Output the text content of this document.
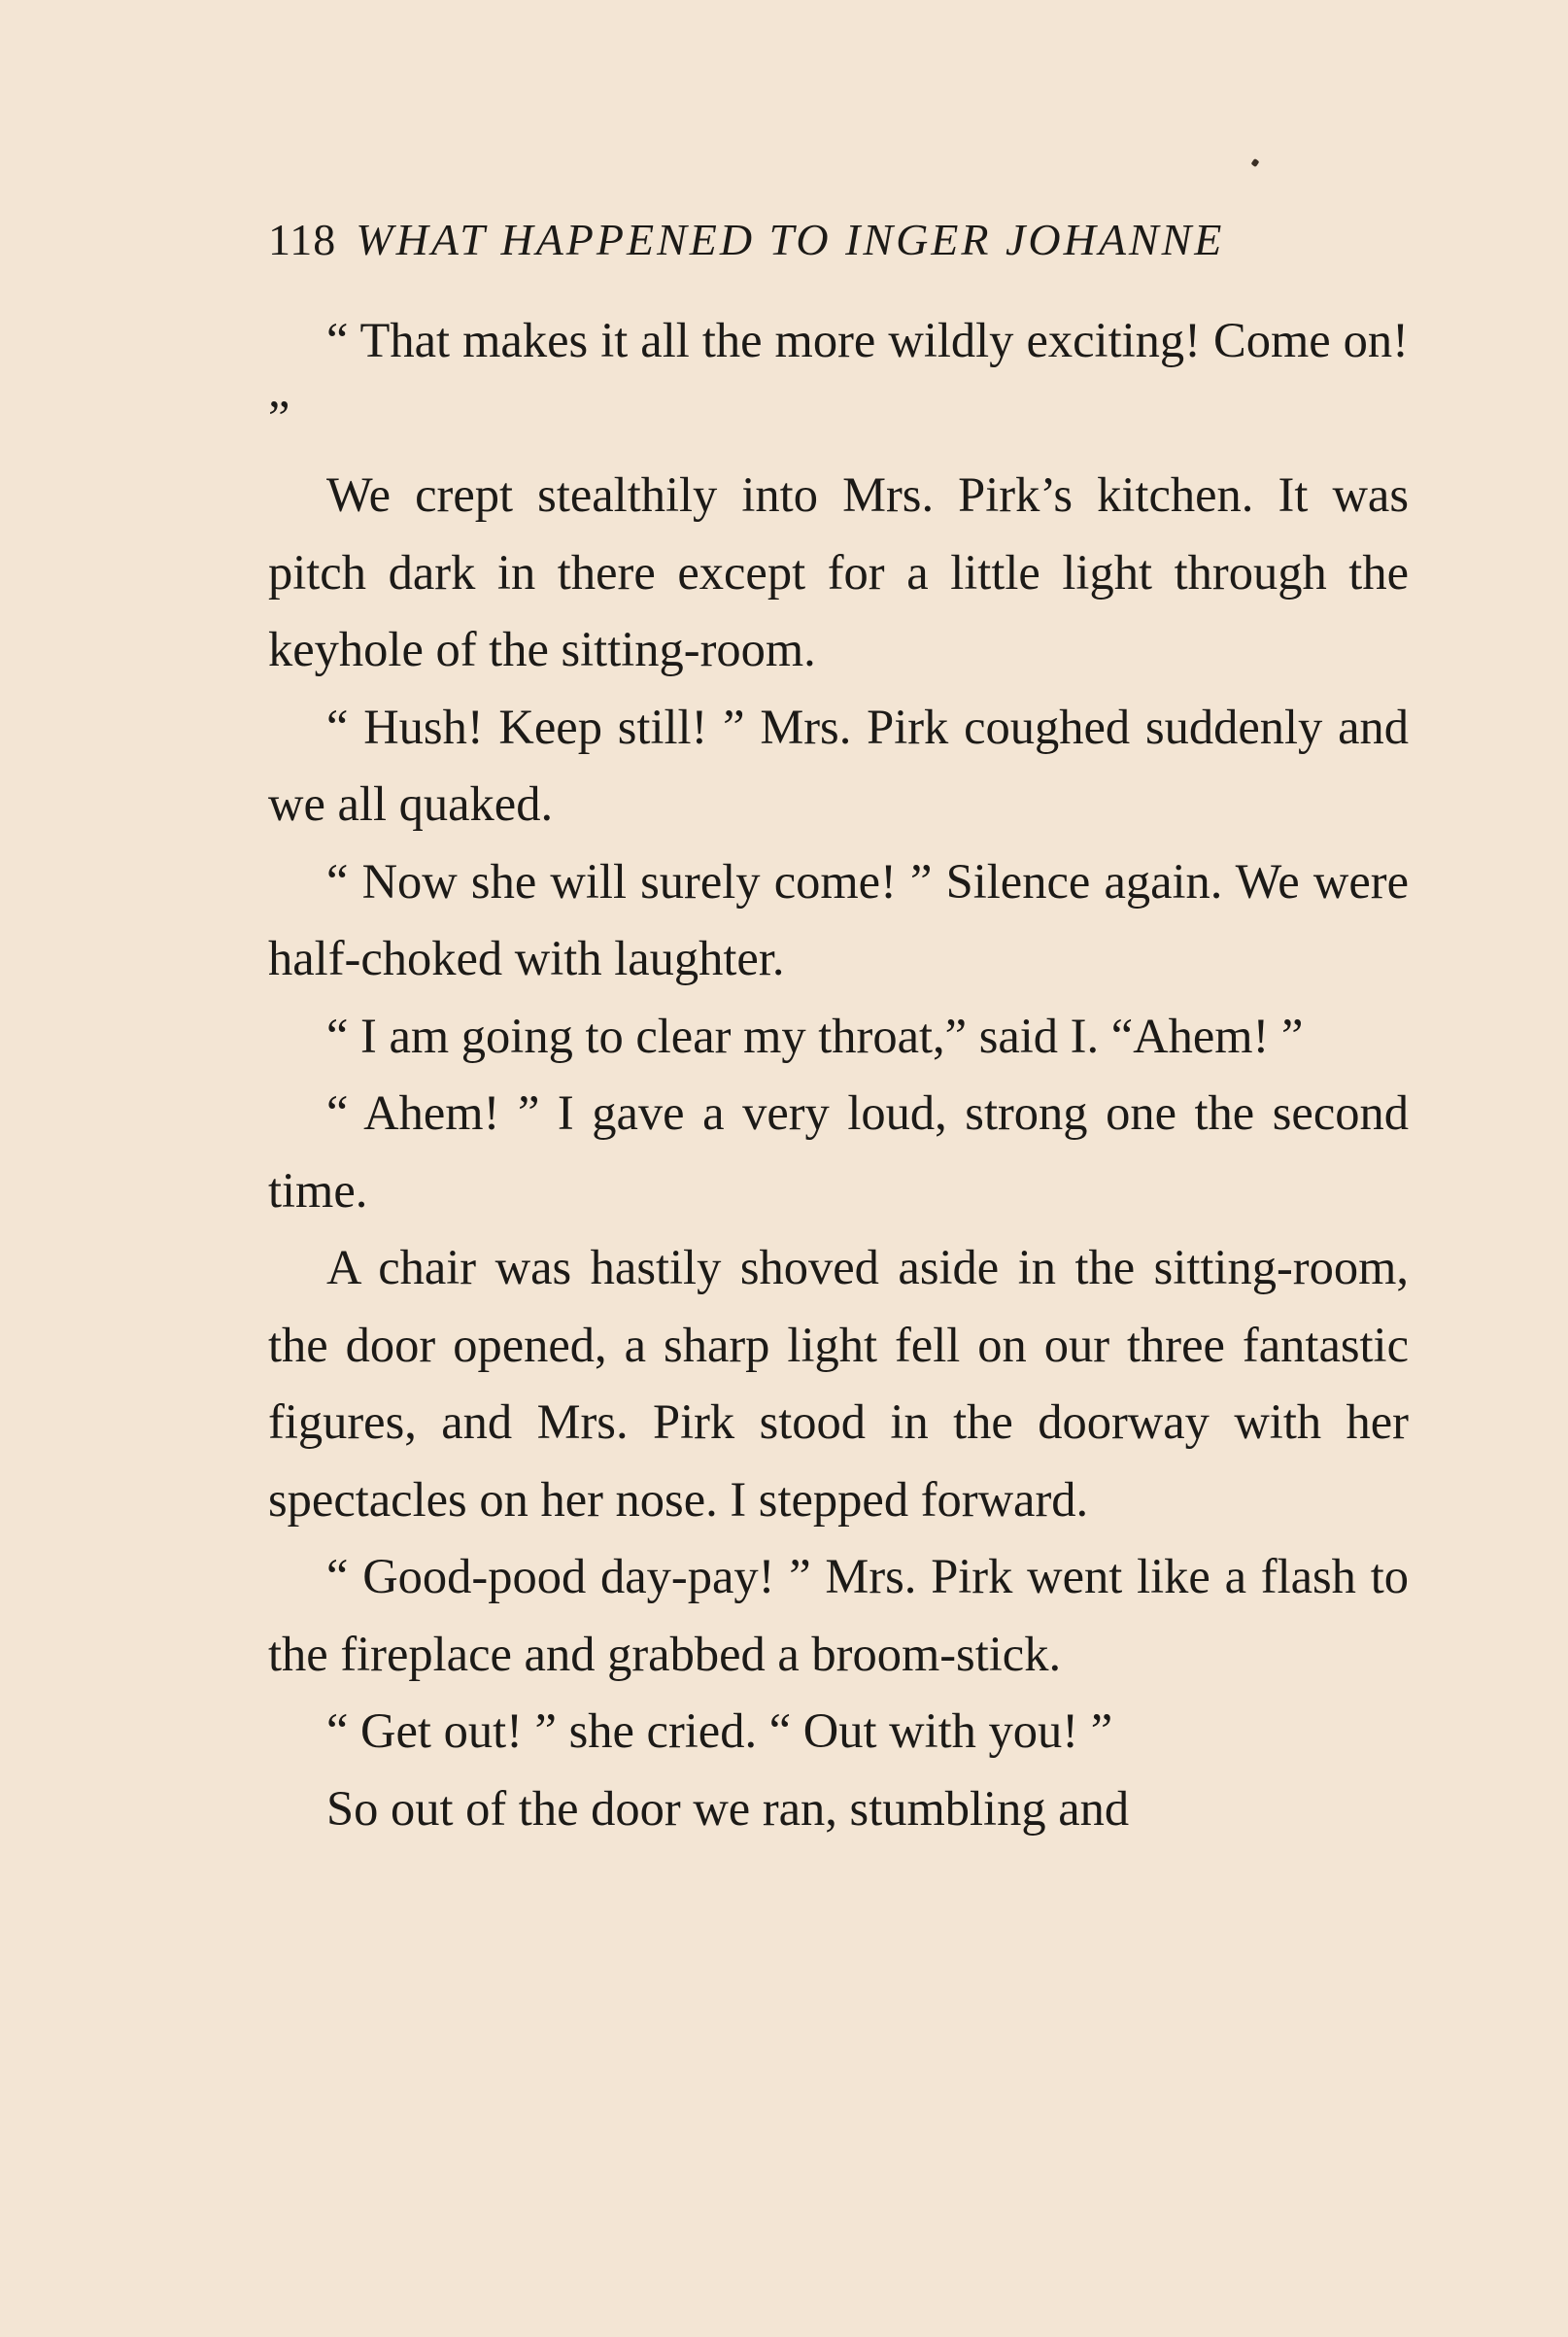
118 WHAT HAPPENED TO INGER JOHANNE

“ That makes it all the more wildly exciting! Come on! ”

We crept stealthily into Mrs. Pirk’s kitchen. It was pitch dark in there except for a little light through the keyhole of the sitting-room.

“ Hush! Keep still! ” Mrs. Pirk coughed suddenly and we all quaked.

“ Now she will surely come! ” Silence again. We were half-choked with laughter.

“ I am going to clear my throat,” said I. “Ahem! ”

“ Ahem! ” I gave a very loud, strong one the second time.

A chair was hastily shoved aside in the sitting-room, the door opened, a sharp light fell on our three fantastic figures, and Mrs. Pirk stood in the doorway with her spectacles on her nose. I stepped forward.

“ Good-pood day-pay! ” Mrs. Pirk went like a flash to the fireplace and grabbed a broom-stick.

“ Get out! ” she cried. “ Out with you! ”

So out of the door we ran, stumbling and
